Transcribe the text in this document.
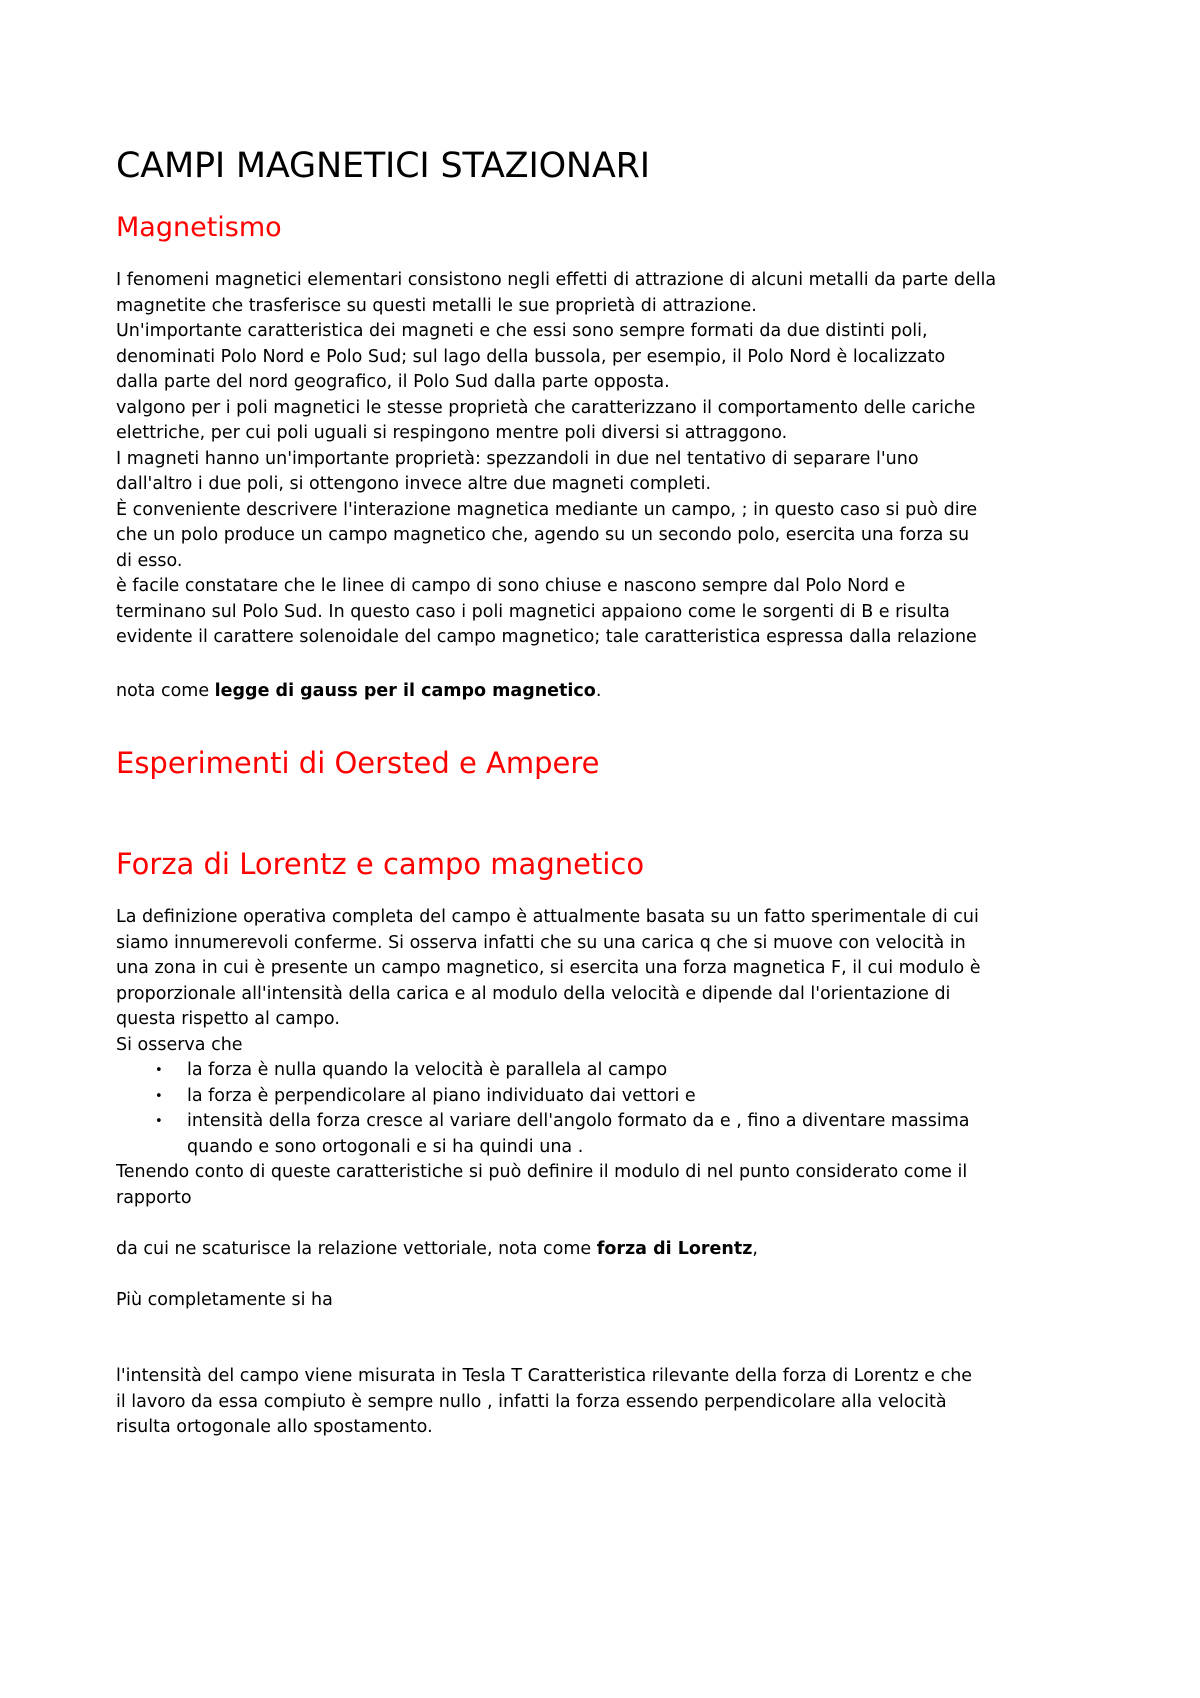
CAMPI MAGNETICI STAZIONARI
Magnetismo
I fenomeni magnetici elementari consistono negli effetti di attrazione di alcuni metalli da parte della
magnetite che trasferisce su questi metalli le sue proprietà di attrazione.
Un'importante caratteristica dei magneti e che essi sono sempre formati da due distinti poli,
denominati Polo Nord e Polo Sud; sul lago della bussola, per esempio, il Polo Nord è localizzato
dalla parte del nord geografico, il Polo Sud dalla parte opposta.
valgono per i poli magnetici le stesse proprietà che caratterizzano il comportamento delle cariche
elettriche, per cui poli uguali si respingono mentre poli diversi si attraggono.
I magneti hanno un'importante proprietà: spezzandoli in due nel tentativo di separare l'uno
dall'altro i due poli, si ottengono invece altre due magneti completi.
È conveniente descrivere l'interazione magnetica mediante un campo, ; in questo caso si può dire
che un polo produce un campo magnetico che, agendo su un secondo polo, esercita una forza su
di esso.
è facile constatare che le linee di campo di sono chiuse e nascono sempre dal Polo Nord e
terminano sul Polo Sud. In questo caso i poli magnetici appaiono come le sorgenti di B e risulta
evidente il carattere solenoidale del campo magnetico; tale caratteristica espressa dalla relazione
nota come legge di gauss per il campo magnetico.
Esperimenti di Oersted e Ampere
Forza di Lorentz e campo magnetico
La definizione operativa completa del campo è attualmente basata su un fatto sperimentale di cui
siamo innumerevoli conferme. Si osserva infatti che su una carica q che si muove con velocità in
una zona in cui è presente un campo magnetico, si esercita una forza magnetica F, il cui modulo è
proporzionale all'intensità della carica e al modulo della velocità e dipende dal l'orientazione di
questa rispetto al campo.
Si osserva che
• la forza è nulla quando la velocità è parallela al campo
• la forza è perpendicolare al piano individuato dai vettori e
• intensità della forza cresce al variare dell'angolo formato da e , fino a diventare massima
quando e sono ortogonali e si ha quindi una .
Tenendo conto di queste caratteristiche si può definire il modulo di nel punto considerato come il
rapporto
da cui ne scaturisce la relazione vettoriale, nota come forza di Lorentz,
Più completamente si ha
l'intensità del campo viene misurata in Tesla T Caratteristica rilevante della forza di Lorentz e che
il lavoro da essa compiuto è sempre nullo , infatti la forza essendo perpendicolare alla velocità
risulta ortogonale allo spostamento.
